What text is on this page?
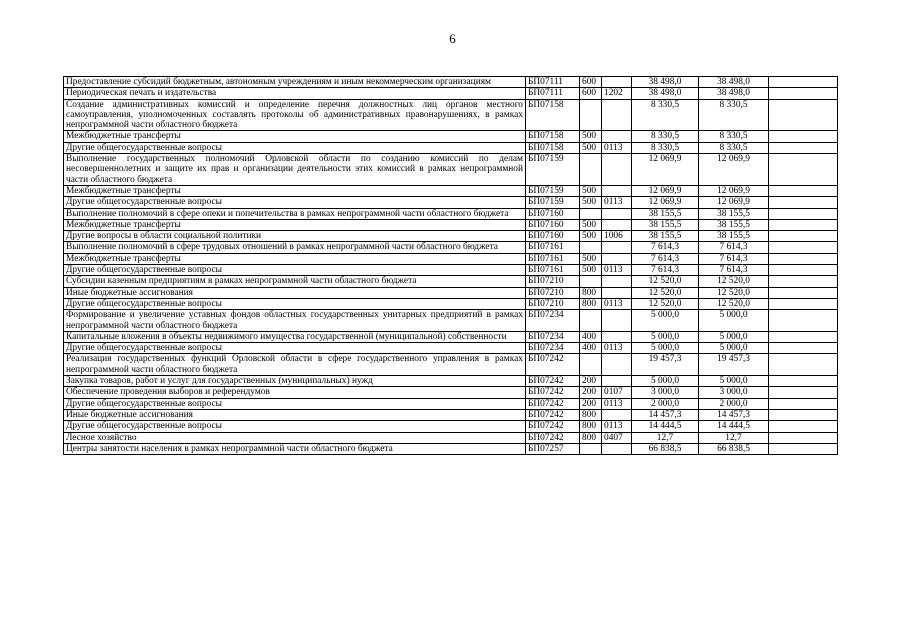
6
Предоставление субсидий бюджетным, автономным учреждениям и иным некоммерческим организациям	БП07111	600		38 498,0	38 498,0	
Периодическая печать и издательства	БП07111	600	1202	38 498,0	38 498,0	
Создание административных комиссий и определение перечня должностных лиц органов местного самоуправления, уполномоченных составлять протоколы об административных правонарушениях, в рамках непрограммной части областного бюджета	БП07158			8 330,5	8 330,5	
Межбюджетные трансферты	БП07158	500		8 330,5	8 330,5	
Другие общегосударственные вопросы	БП07158	500	0113	8 330,5	8 330,5	
Выполнение государственных полномочий Орловской области по созданию комиссий по делам несовершеннолетних и защите их прав и организации деятельности этих комиссий в рамках непрограммной части областного бюджета	БП07159			12 069,9	12 069,9	
Межбюджетные трансферты	БП07159	500		12 069,9	12 069,9	
Другие общегосударственные вопросы	БП07159	500	0113	12 069,9	12 069,9	
Выполнение полномочий в сфере опеки и попечительства в рамках непрограммной части областного бюджета	БП07160			38 155,5	38 155,5	
Межбюджетные трансферты	БП07160	500		38 155,5	38 155,5	
Другие вопросы в области социальной политики	БП07160	500	1006	38 155,5	38 155,5	
Выполнение полномочий в сфере трудовых отношений в рамках непрограммной части областного бюджета	БП07161			7 614,3	7 614,3	
Межбюджетные трансферты	БП07161	500		7 614,3	7 614,3	
Другие общегосударственные вопросы	БП07161	500	0113	7 614,3	7 614,3	
Субсидии казенным предприятиям в рамках непрограммной части областного бюджета	БП07210			12 520,0	12 520,0	
Иные бюджетные ассигнования	БП07210	800		12 520,0	12 520,0	
Другие общегосударственные вопросы	БП07210	800	0113	12 520,0	12 520,0	
Формирование и увеличение уставных фондов областных государственных унитарных предприятий в рамках непрограммной части областного бюджета	БП07234			5 000,0	5 000,0	
Капитальные вложения в объекты недвижимого имущества государственной (муниципальной) собственности	БП07234	400		5 000,0	5 000,0	
Другие общегосударственные вопросы	БП07234	400	0113	5 000,0	5 000,0	
Реализация государственных функций Орловской области в сфере государственного управления в рамках непрограммной части областного бюджета	БП07242			19 457,3	19 457,3	
Закупка товаров, работ и услуг для государственных (муниципальных) нужд	БП07242	200		5 000,0	5 000,0	
Обеспечение проведения выборов и референдумов	БП07242	200	0107	3 000,0	3 000,0	
Другие общегосударственные вопросы	БП07242	200	0113	2 000,0	2 000,0	
Иные бюджетные ассигнования	БП07242	800		14 457,3	14 457,3	
Другие общегосударственные вопросы	БП07242	800	0113	14 444,5	14 444,5	
Лесное хозяйство	БП07242	800	0407	12,7	12,7	
Центры занятости населения в рамках непрограммной части областного бюджета	БП07257			66 838,5	66 838,5	
